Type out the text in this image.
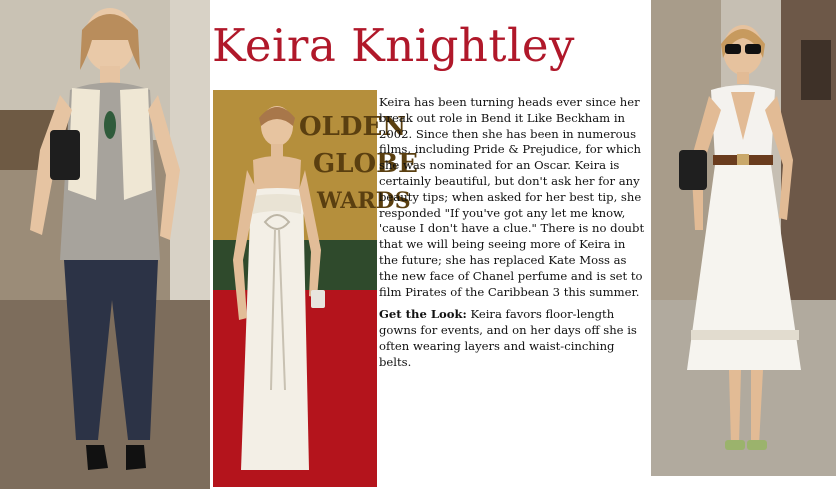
Keira Knightley
OLDEN
GLOBE
WARDS

Keira has been turning heads ever since her break out role in Bend it Like Beckham in 2002. Since then she has been in numerous films, including Pride & Prejudice, for which she was nominated for an Oscar. Keira is certainly beautiful, but don't ask her for any beauty tips; when asked for her best tip, she responded "If you've got any let me know, 'cause I don't have a clue." There is no doubt that we will being seeing more of Keira in the future; she has replaced Kate Moss as the new face of Chanel perfume and is set to film Pirates of the Caribbean 3 this summer.

Get the Look: Keira favors floor-length gowns for events, and on her days off she is often wearing layers and waist-cinching belts.
